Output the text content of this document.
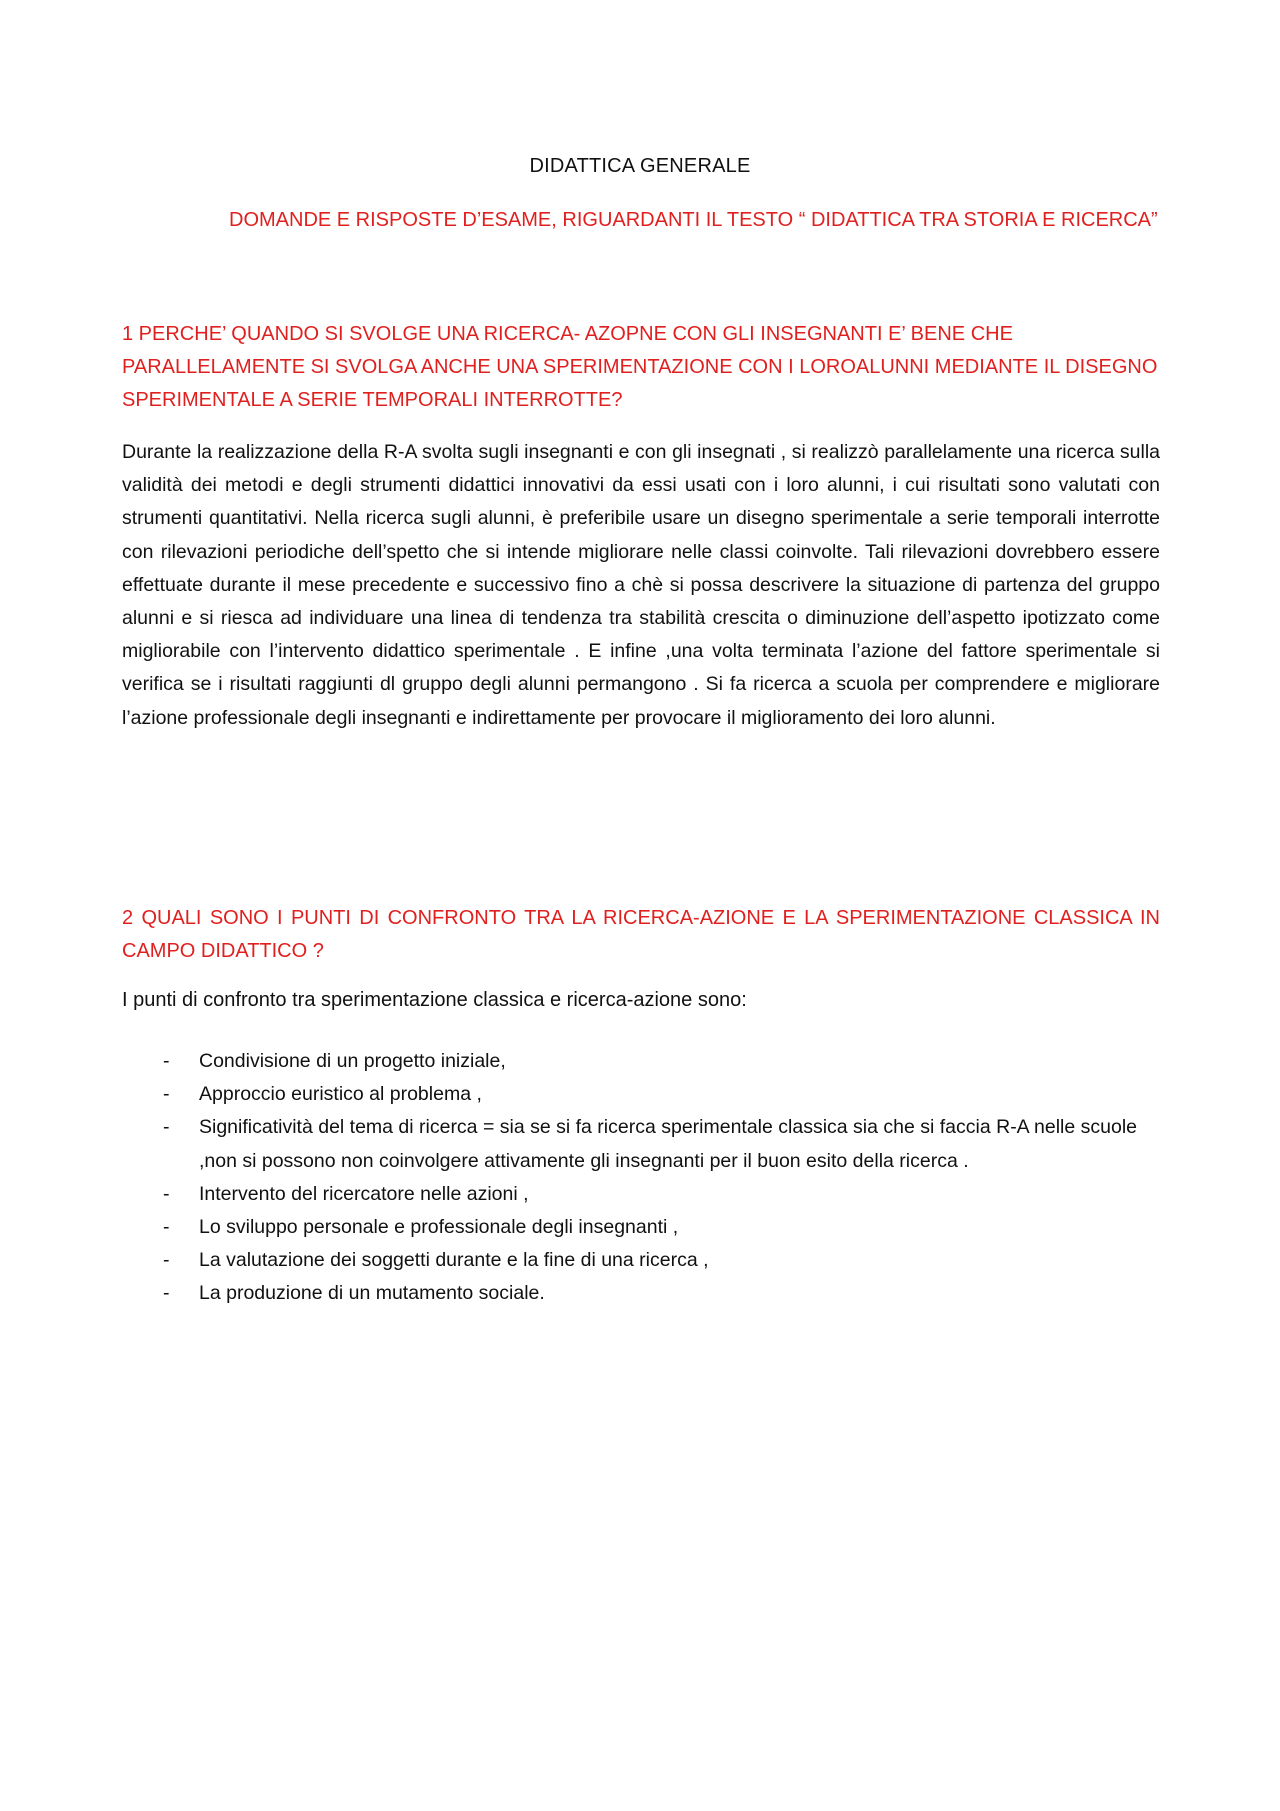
DIDATTICA GENERALE
DOMANDE E RISPOSTE D’ESAME, RIGUARDANTI IL TESTO “ DIDATTICA TRA STORIA E RICERCA”
1 PERCHE’ QUANDO SI SVOLGE UNA RICERCA- AZOPNE CON GLI INSEGNANTI E’ BENE CHE PARALLELAMENTE SI SVOLGA ANCHE UNA SPERIMENTAZIONE CON I LOROALUNNI MEDIANTE IL DISEGNO SPERIMENTALE A SERIE TEMPORALI INTERROTTE?
Durante la realizzazione della R-A svolta sugli insegnanti e con gli insegnati , si realizzò parallelamente una ricerca sulla validità dei metodi e degli strumenti didattici innovativi da essi usati con i loro alunni, i cui risultati sono valutati con strumenti quantitativi. Nella ricerca sugli alunni, è preferibile usare un disegno sperimentale a serie temporali interrotte con rilevazioni periodiche dell’spetto che si intende migliorare nelle classi coinvolte. Tali rilevazioni dovrebbero essere effettuate durante il mese precedente e successivo fino a chè si possa descrivere la situazione di partenza del gruppo alunni e si riesca ad individuare una linea di tendenza tra stabilità crescita o diminuzione dell’aspetto ipotizzato come migliorabile con l’intervento didattico sperimentale . E infine ,una volta terminata l’azione del fattore sperimentale si verifica se i risultati raggiunti dl gruppo degli alunni permangono . Si fa ricerca a scuola per comprendere e migliorare l’azione professionale degli insegnanti e indirettamente per provocare il miglioramento dei loro alunni.
2 QUALI SONO I PUNTI DI CONFRONTO TRA LA RICERCA-AZIONE E LA SPERIMENTAZIONE CLASSICA IN CAMPO DIDATTICO ?
I punti di confronto tra sperimentazione classica e ricerca-azione sono:
- Condivisione di un progetto iniziale,
- Approccio euristico al problema ,
- Significatività del tema di ricerca = sia se si fa ricerca sperimentale classica sia che si faccia R-A nelle scuole ,non si possono non coinvolgere attivamente gli insegnanti per il buon esito della ricerca .
- Intervento del ricercatore nelle azioni ,
- Lo sviluppo personale e professionale degli insegnanti ,
- La valutazione dei soggetti durante e la fine di una ricerca ,
- La produzione di un mutamento sociale.
